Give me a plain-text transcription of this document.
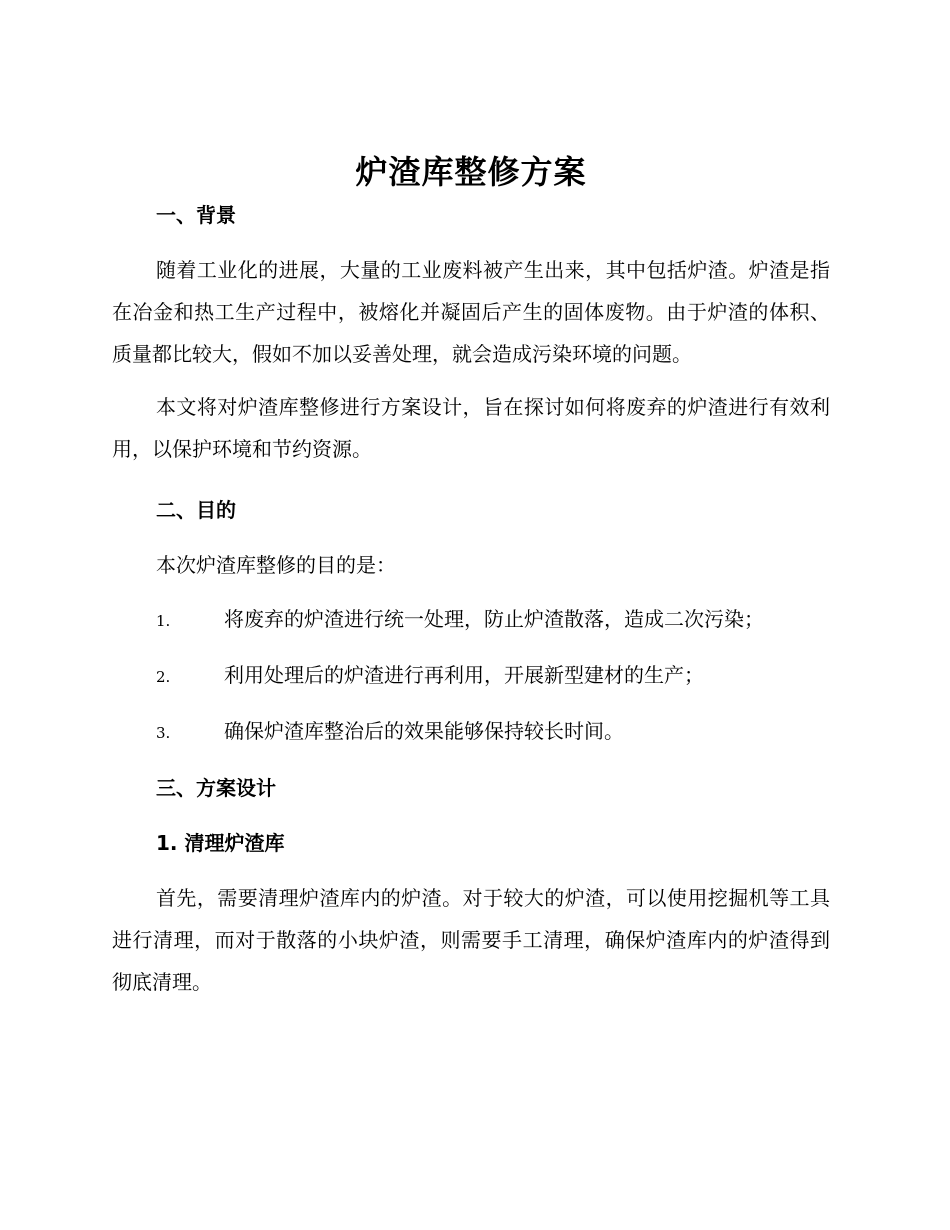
炉渣库整修方案
一、背景

随着工业化的进展，大量的工业废料被产生出来，其中包括炉渣。炉渣是指在冶金和热工生产过程中，被熔化并凝固后产生的固体废物。由于炉渣的体积、质量都比较大，假如不加以妥善处理，就会造成污染环境的问题。

本文将对炉渣库整修进行方案设计，旨在探讨如何将废弃的炉渣进行有效利用，以保护环境和节约资源。

二、目的

本次炉渣库整修的目的是：

1.	将废弃的炉渣进行统一处理，防止炉渣散落，造成二次污染；
2.	利用处理后的炉渣进行再利用，开展新型建材的生产；
3.	确保炉渣库整治后的效果能够保持较长时间。
三、方案设计
1. 清理炉渣库

首先，需要清理炉渣库内的炉渣。对于较大的炉渣，可以使用挖掘机等工具进行清理，而对于散落的小块炉渣，则需要手工清理，确保炉渣库内的炉渣得到彻底清理。
